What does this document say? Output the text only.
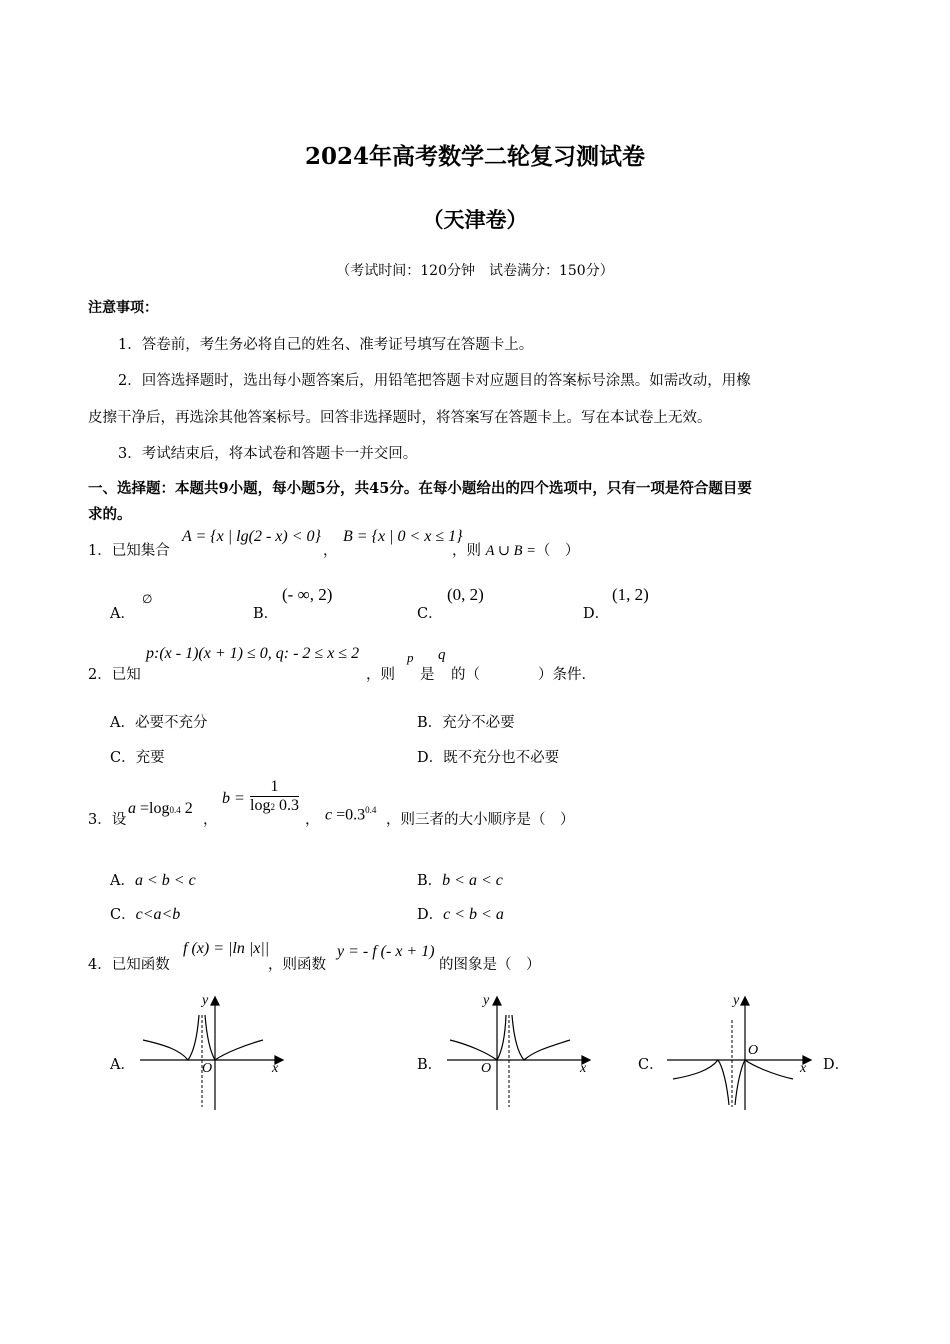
2024年高考数学二轮复习测试卷
（天津卷）
（考试时间：120分钟　试卷满分：150分）
注意事项：
1．答卷前，考生务必将自己的姓名、准考证号填写在答题卡上。
2．回答选择题时，选出每小题答案后，用铅笔把答题卡对应题目的答案标号涂黑。如需改动，用橡
皮擦干净后，再选涂其他答案标号。回答非选择题时，将答案写在答题卡上。写在本试卷上无效。
3．考试结束后，将本试卷和答题卡一并交回。
一、选择题：本题共9小题，每小题5分，共45分。在每小题给出的四个选项中，只有一项是符合题目要
求的。
1．已知集合
A = {x | lg(2 - x) < 0}
，
B = {x | 0 < x ≤ 1}
，则 A ∪ B =（　）
A．
∅
B．
(- ∞, 2)
C．
(0, 2)
D．
(1, 2)
2．已知
p:(x - 1)(x + 1) ≤ 0, q: - 2 ≤ x ≤ 2
，则
p
是
q
的（　　　　）条件．
A．必要不充分	B．充分不必要
C．充要	D．既不充分也不必要
3．设
a =log0.4 2
，
$b = \frac{1}{\log 2 0.3}$
， $c =0.3^{0.4}$
，则三者的大小顺序是（　）
A．a < b < c	B．b < a < c
C．c<a<b	D．c < b < a
4．已知函数
f (x) = |ln |x||
，则函数
y = - f (- x + 1)
的图象是（　）
A．	B．	C．	D．
y
x
O
y
x
O
y
x
O
